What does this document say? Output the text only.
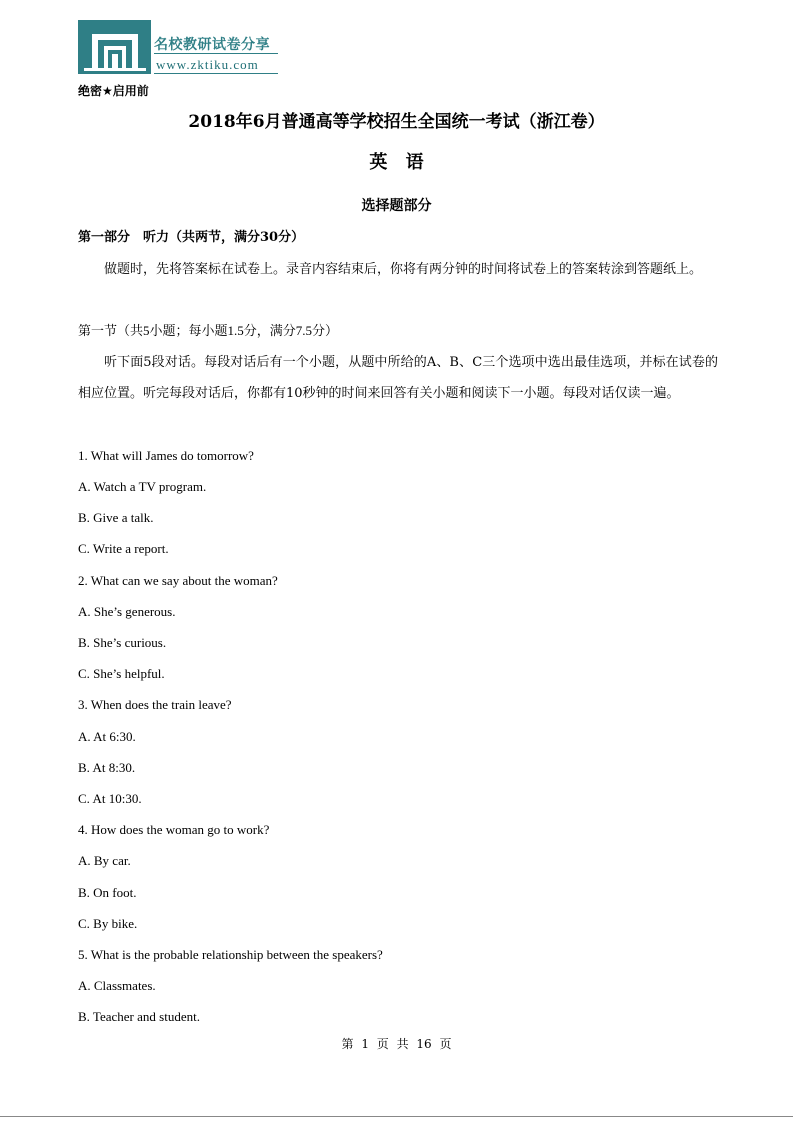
名校教研试卷分享
www.zktiku.com
绝密★启用前
2018年6月普通高等学校招生全国统一考试（浙江卷）
英 语
选择题部分
第一部分　听力（共两节，满分30分）
做题时，先将答案标在试卷上。录音内容结束后，你将有两分钟的时间将试卷上的答案转涂到答题纸上。
第一节（共5小题；每小题1.5分，满分7.5分）
听下面5段对话。每段对话后有一个小题，从题中所给的A、B、C三个选项中选出最佳选项，并标在试卷的相应位置。听完每段对话后，你都有10秒钟的时间来回答有关小题和阅读下一小题。每段对话仅读一遍。
1. What will James do tomorrow?
A. Watch a TV program.
B. Give a talk.
C. Write a report.
2. What can we say about the woman?
A. She’s generous.
B. She’s curious.
C. She’s helpful.
3. When does the train leave?
A. At 6:30.
B. At 8:30.
C. At 10:30.
4. How does the woman go to work?
A. By car.
B. On foot.
C. By bike.
5. What is the probable relationship between the speakers?
A. Classmates.
B. Teacher and student.
第 1 页 共 16 页
